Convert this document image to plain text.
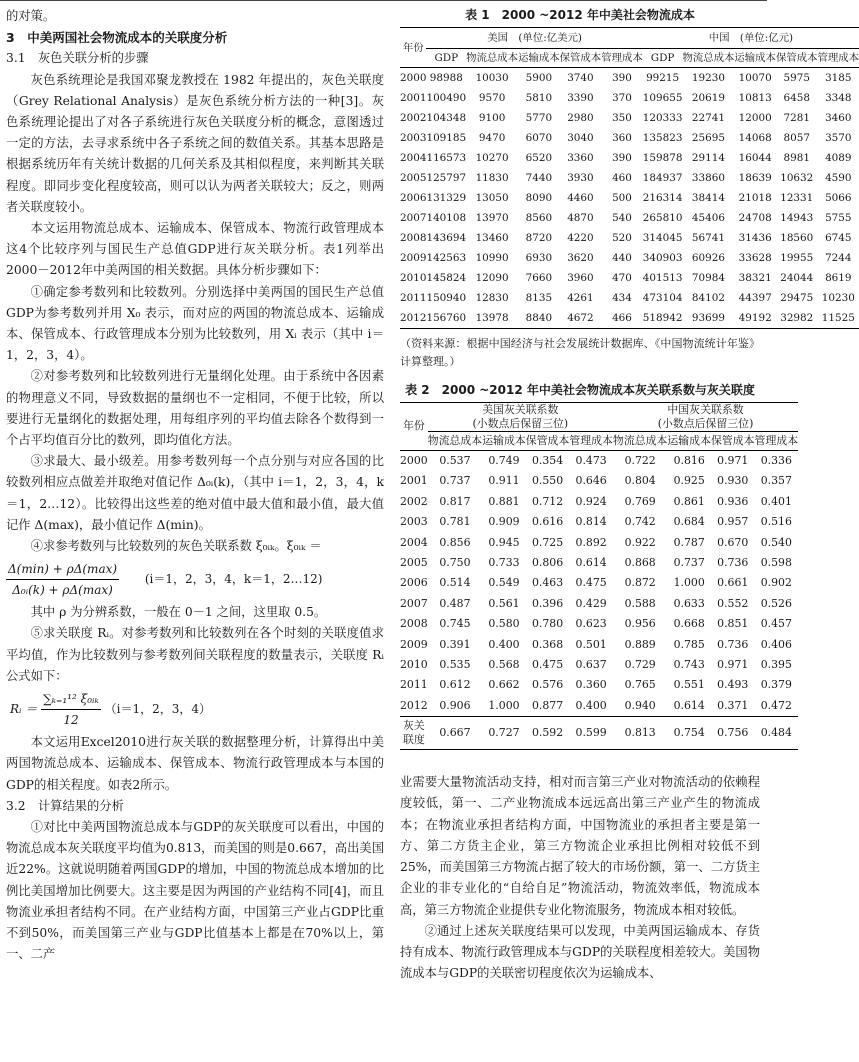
的对策。

3　中美两国社会物流成本的关联度分析
3.1　灰色关联分析的步骤

灰色系统理论是我国邓聚龙教授在 1982 年提出的，灰色关联度（Grey Relational Analysis）是灰色系统分析方法的一种[3]。灰色系统理论提出了对各子系统进行灰色关联度分析的概念，意图透过一定的方法，去寻求系统中各子系统之间的数值关系。其基本思路是根据系统历年有关统计数据的几何关系及其相似程度，来判断其关联程度。即同步变化程度较高，则可以认为两者关联较大；反之，则两者关联度较小。

本文运用物流总成本、运输成本、保管成本、物流行政管理成本这4个比较序列与国民生产总值GDP进行灰关联分析。表1列举出2000－2012年中美两国的相关数据。具体分析步骤如下：

①确定参考数列和比较数列。分别选择中美两国的国民生产总值GDP为参考数列并用 X₀ 表示，而对应的两国的物流总成本、运输成本、保管成本、行政管理成本分别为比较数列，用 Xᵢ 表示（其中 i＝1，2，3，4）。

②对参考数列和比较数列进行无量纲化处理。由于系统中各因素的物理意义不同，导致数据的量纲也不一定相同，不便于比较，所以要进行无量纲化的数据处理，用每组序列的平均值去除各个数得到一个占平均值百分比的数列，即均值化方法。

③求最大、最小级差。用参考数列每一个点分别与对应各国的比较数列相应点做差并取绝对值记作 Δ₀ᵢ(k)，（其中 i＝1，2，3，4，k＝1，2…12）。比较得出这些差的绝对值中最大值和最小值，最大值记作 Δ(max)，最小值记作 Δ(min)。

④求参考数列与比较数列的灰色关联系数 ξ₀ᵢₖ。ξ₀ᵢₖ ＝

$\frac{\Delta(\min) + \rho\Delta(\max)}{\text{Δ₀ᵢ(k) + ρΔ(max)}} (i=1$，2，3，4，k＝1，2…12)

其中 ρ 为分辨系数，一般在 0－1 之间，这里取 0.5。

⑤求关联度 Rᵢ。对参考数列和比较数列在各个时刻的关联度值求平均值，作为比较数列与参考数列间关联程度的数量表示，关联度 Rᵢ 公式如下：

Rᵢ ＝ $\frac{\text{∑ₖ₌₁¹² ξ₀ᵢₖ}}{12} (i=1$，2，3，4）

本文运用Excel2010进行灰关联的数据整理分析，计算得出中美两国物流总成本、运输成本、保管成本、物流行政管理成本与本国的GDP的相关程度。如表2所示。

3.2　计算结果的分析

①对比中美两国物流总成本与GDP的灰关联度可以看出，中国的物流总成本灰关联度平均值为0.813，而美国的则是0.667，高出美国近22%。这就说明随着两国GDP的增加，中国的物流总成本增加的比例比美国增加比例要大。这主要是因为两国的产业结构不同[4]，而且物流业承担者结构不同。在产业结构方面，中国第三产业占GDP比重不到50%，而美国第三产业与GDP比值基本上都是在70%以上，第一、二产

表 1　2000 ~2012 年中美社会物流成本
年份	美国　(单位:亿美元)					中国　(单位:亿元)				
	GDP	物流总成本	运输成本	保管成本	管理成本	GDP	物流总成本	运输成本	保管成本	管理成本
2000	98988	10030	5900	3740	390	99215	19230	10070	5975	3185
2001	100490	9570	5810	3390	370	109655	20619	10813	6458	3348
2002	104348	9100	5770	2980	350	120333	22741	12000	7281	3460
2003	109185	9470	6070	3040	360	135823	25695	14068	8057	3570
2004	116573	10270	6520	3360	390	159878	29114	16044	8981	4089
2005	125797	11830	7440	3930	460	184937	33860	18639	10632	4590
2006	131329	13050	8090	4460	500	216314	38414	21018	12331	5066
2007	140108	13970	8560	4870	540	265810	45406	24708	14943	5755
2008	143694	13460	8720	4220	520	314045	56741	31436	18560	6745
2009	142563	10990	6930	3620	440	340903	60926	33628	19955	7244
2010	145824	12090	7660	3960	470	401513	70984	38321	24044	8619
2011	150940	12830	8135	4261	434	473104	84102	44397	29475	10230
2012	156760	13978	8840	4672	466	518942	93699	49192	32982	11525
（资料来源：根据中国经济与社会发展统计数据库、《中国物流统计年鉴》计算整理。）
表 2　2000 ~2012 年中美社会物流成本灰关联系数与灰关联度
年份	美国灰关联系数				中国灰关联系数			
	(小数点后保留三位)				(小数点后保留三位)			
	物流总成本	运输成本	保管成本	管理成本	物流总成本	运输成本	保管成本	管理成本
2000	0.537	0.749	0.354	0.473	0.722	0.816	0.971	0.336
2001	0.737	0.911	0.550	0.646	0.804	0.925	0.930	0.357
2002	0.817	0.881	0.712	0.924	0.769	0.861	0.936	0.401
2003	0.781	0.909	0.616	0.814	0.742	0.684	0.957	0.516
2004	0.856	0.945	0.725	0.892	0.922	0.787	0.670	0.540
2005	0.750	0.733	0.806	0.614	0.868	0.737	0.736	0.598
2006	0.514	0.549	0.463	0.475	0.872	1.000	0.661	0.902
2007	0.487	0.561	0.396	0.429	0.588	0.633	0.552	0.526
2008	0.745	0.580	0.780	0.623	0.956	0.668	0.851	0.457
2009	0.391	0.400	0.368	0.501	0.889	0.785	0.736	0.406
2010	0.535	0.568	0.475	0.637	0.729	0.743	0.971	0.395
2011	0.612	0.662	0.576	0.360	0.765	0.551	0.493	0.379
2012	0.906	1.000	0.877	0.400	0.940	0.614	0.371	0.472
灰关联度	0.667	0.727	0.592	0.599	0.813	0.754	0.756	0.484

业需要大量物流活动支持，相对而言第三产业对物流活动的依赖程度较低，第一、二产业物流成本远远高出第三产业产生的物流成本；在物流业承担者结构方面，中国物流业的承担者主要是第一方、第二方货主企业，第三方物流企业承担比例相对较低不到25%，而美国第三方物流占据了较大的市场份额，第一、二方货主企业的非专业化的“自给自足”物流活动，物流效率低，物流成本高，第三方物流企业提供专业化物流服务，物流成本相对较低。

②通过上述灰关联度结果可以发现，中美两国运输成本、存货持有成本、物流行政管理成本与GDP的关联程度相差较大。美国物流成本与GDP的关联密切程度依次为运输成本、
